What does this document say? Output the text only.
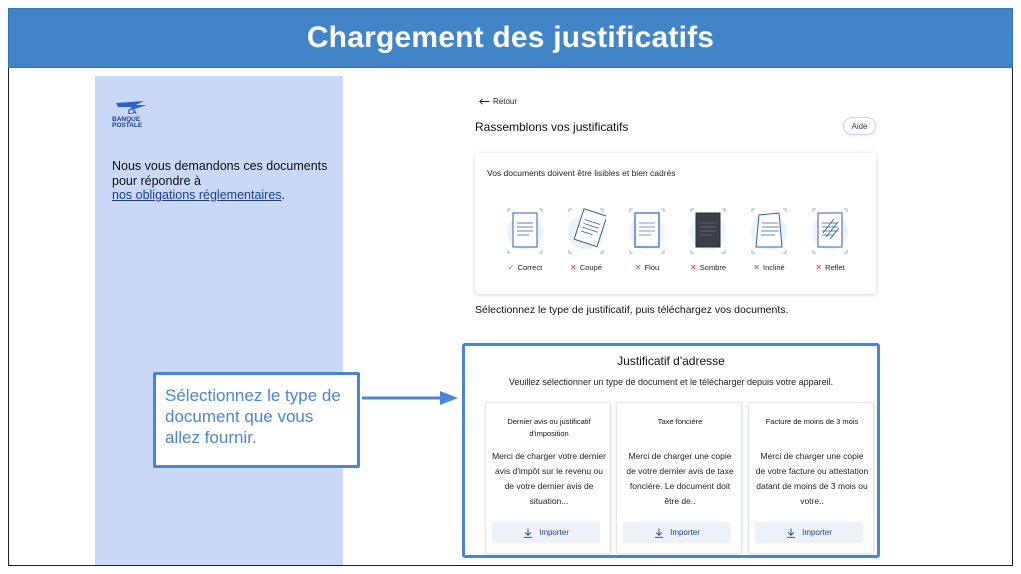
Chargement des justificatifs
LA
BANQUE
POSTALE
Nous vous demandons ces documents pour répondre à
nos obligations réglementaires.
Retour
Rassemblons vos justificatifs	Aide
Vos documents doivent être lisibles et bien cadrés
✓ Correct	✕ Coupé	✕ Flou	✕ Sombre	✕ Incliné	✕ Reflet
Sélectionnez le type de justificatif, puis téléchargez vos documents.
Justificatif d'adresse
Veuillez sélectionner un type de document et le télécharger depuis votre appareil.
Dernier avis ou justificatif d'imposition
Merci de charger votre dernier avis d'impôt sur le revenu ou de votre dernier avis de situation...
Importer
Taxe foncière
Merci de charger une copie de votre dernier avis de taxe foncière. Le document doit être de..
Importer
Facture de moins de 3 mois
Merci de charger une copie de votre facture ou attestation datant de moins de 3 mois ou votre..
Importer
Sélectionnez le type de document que vous allez fournir.
